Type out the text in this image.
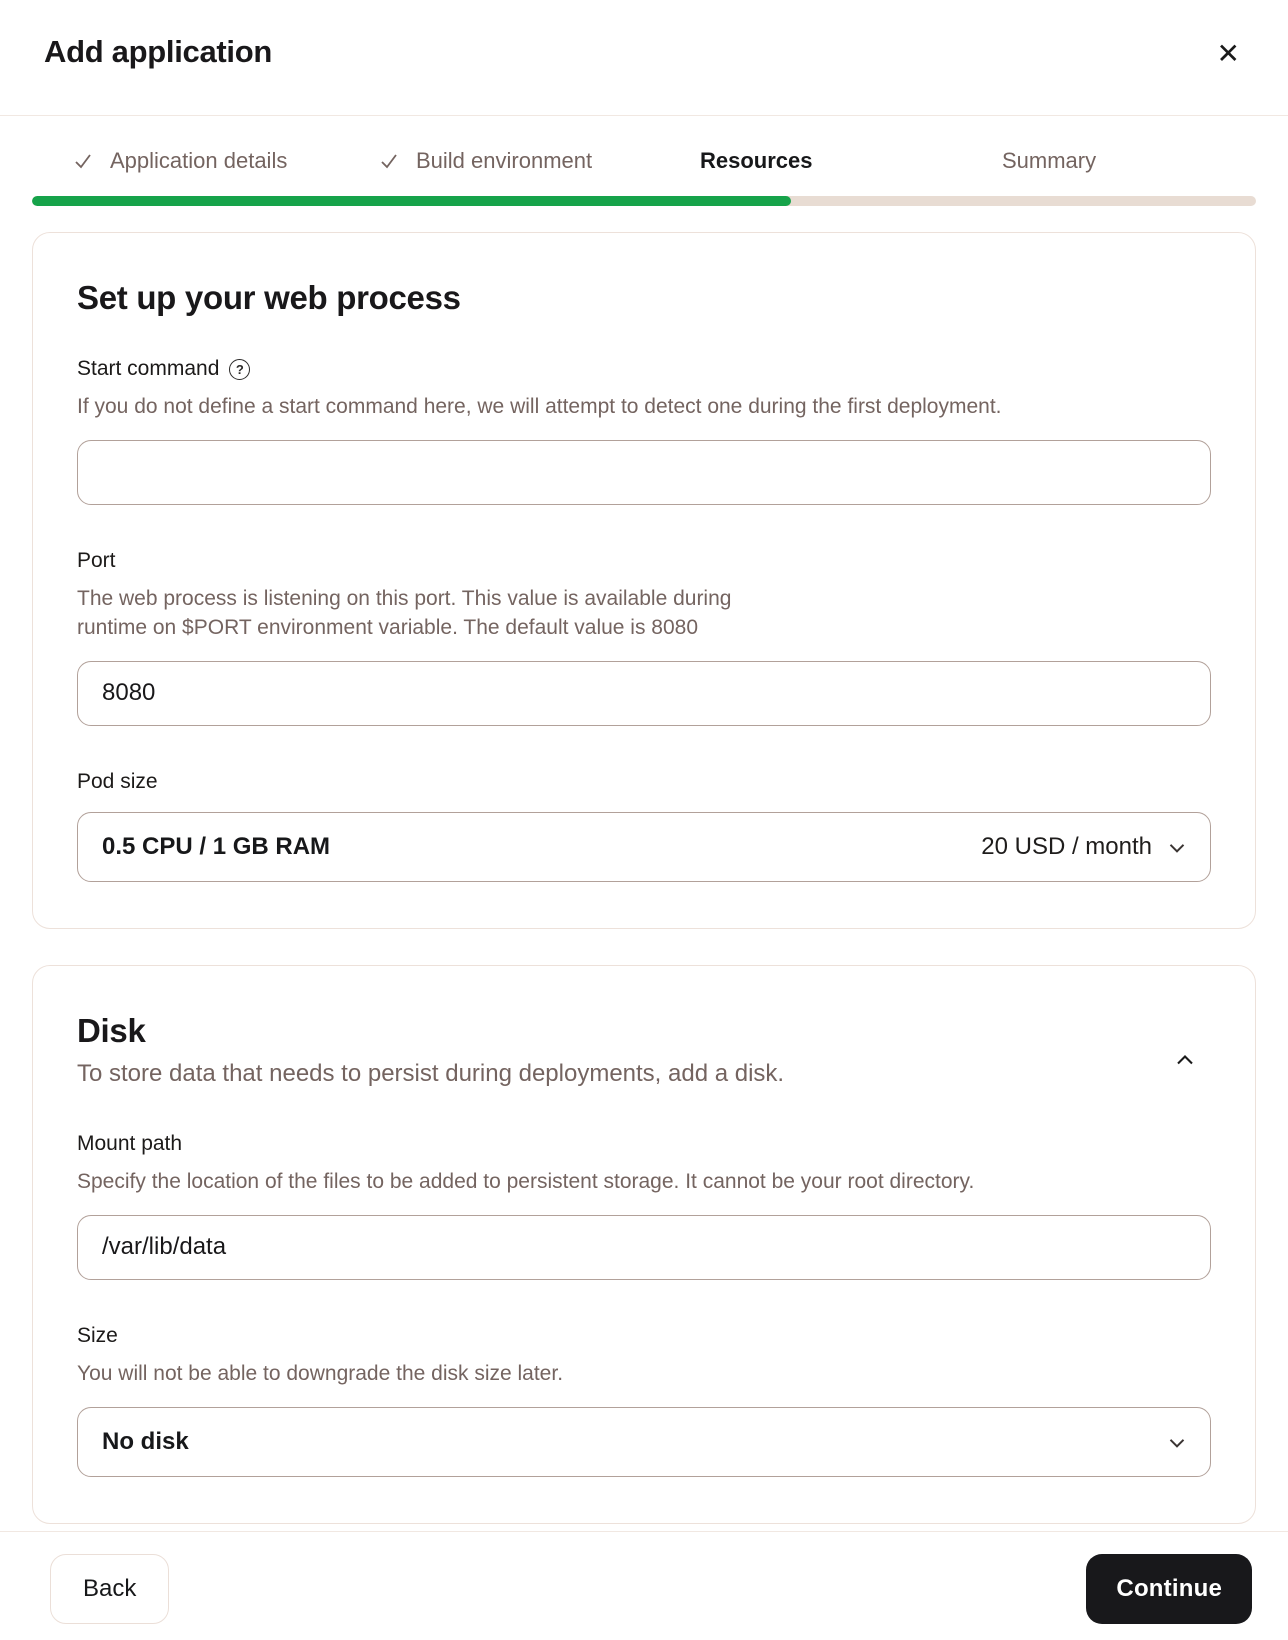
Add application	✕
Application details	Build environment	Resources	Summary
Set up your web process
Start command	?
If you do not define a start command here, we will attempt to detect one during the first deployment.
Port
The web process is listening on this port. This value is available during runtime on $PORT environment variable. The default value is 8080
8080
Pod size
0.5 CPU / 1 GB RAM	20 USD / month
Disk
To store data that needs to persist during deployments, add a disk.
Mount path
Specify the location of the files to be added to persistent storage. It cannot be your root directory.
/var/lib/data
Size
You will not be able to downgrade the disk size later.
No disk
Back	Continue
